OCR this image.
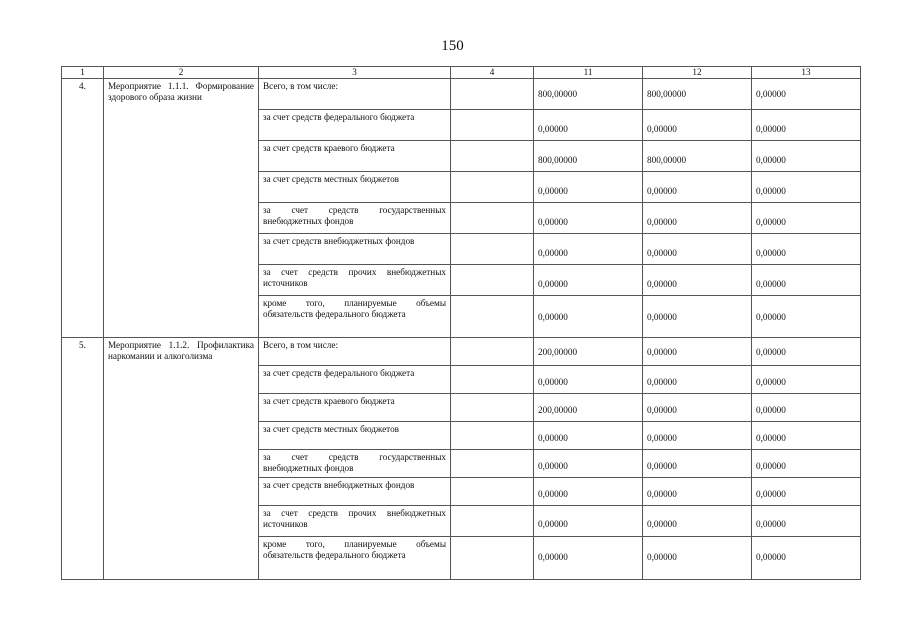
150
1	2	3	4	11	12	13
4.	Мероприятие 1.1.1. Формирование здорового образа жизни	Всего, в том числе:		800,00000	800,00000	0,00000

		за счет средств федерального бюджета		0,00000	0,00000	0,00000

		за счет средств краевого бюджета		800,00000	800,00000	0,00000

		за счет средств местных бюджетов		0,00000	0,00000	0,00000

		за счет средств государственных внебюджетных фондов		0,00000	0,00000	0,00000

		за счет средств внебюджетных фондов		0,00000	0,00000	0,00000

		за счет средств прочих внебюджетных источников		0,00000	0,00000	0,00000

		кроме того, планируемые объемы обязательств федерального бюджета		0,00000	0,00000	0,00000

5.	Мероприятие 1.1.2. Профилактика наркомании и алкоголизма	Всего, в том числе:		200,00000	0,00000	0,00000

		за счет средств федерального бюджета		0,00000	0,00000	0,00000

		за счет средств краевого бюджета		200,00000	0,00000	0,00000

		за счет средств местных бюджетов		0,00000	0,00000	0,00000

		за счет средств государственных внебюджетных фондов		0,00000	0,00000	0,00000

		за счет средств внебюджетных фондов		0,00000	0,00000	0,00000

		за счет средств прочих внебюджетных источников		0,00000	0,00000	0,00000

		кроме того, планируемые объемы обязательств федерального бюджета		0,00000	0,00000	0,00000
